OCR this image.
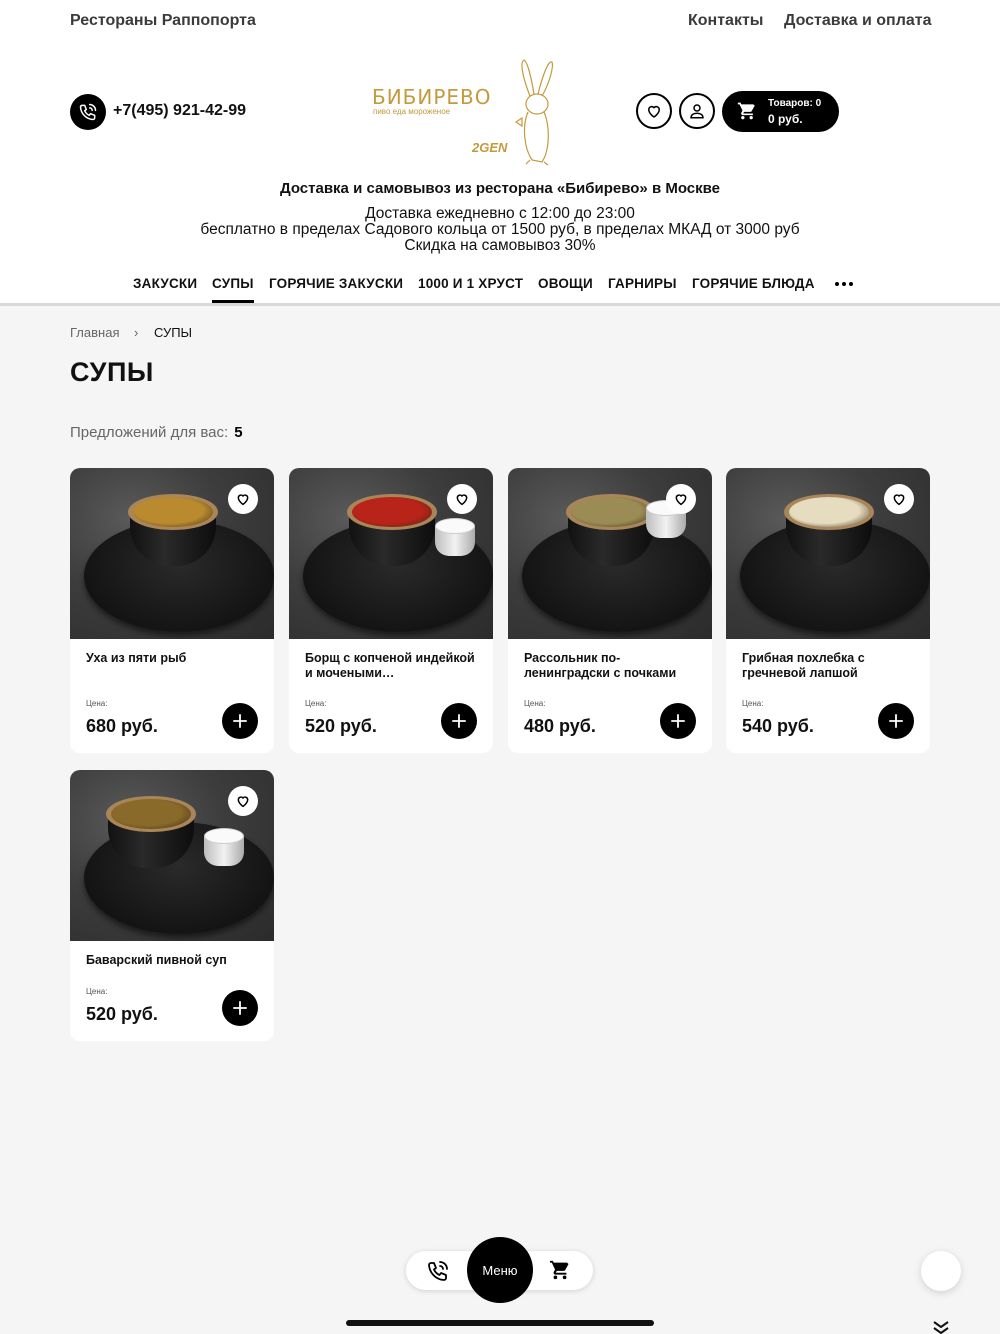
Рестораны Раппопорта	Контакты Доставка и оплата
+7(495) 921-42-99
БИБИРЕВО
пиво еда мороженое
2GEN
Товаров: 0
0 руб.
Доставка и самовывоз из ресторана «Бибирево» в Москве
Доставка ежедневно с 12:00 до 23:00
бесплатно в пределах Садового кольца от 1500 руб, в пределах МКАД от 3000 руб
Скидка на самовывоз 30%
ЗАКУСКИ СУПЫ ГОРЯЧИЕ ЗАКУСКИ 1000 И 1 ХРУСТ ОВОЩИ ГАРНИРЫ ГОРЯЧИЕ БЛЮДА
Главная › СУПЫ
СУПЫ
Предложений для вас: 5
Уха из пяти рыб
Цена:
680 руб.
Борщ с копченой индейкой и мочеными…
Цена:
520 руб.
Рассольник по-ленинградски с почками
Цена:
480 руб.
Грибная похлебка с гречневой лапшой
Цена:
540 руб.
Баварский пивной суп
Цена:
520 руб.
Меню
